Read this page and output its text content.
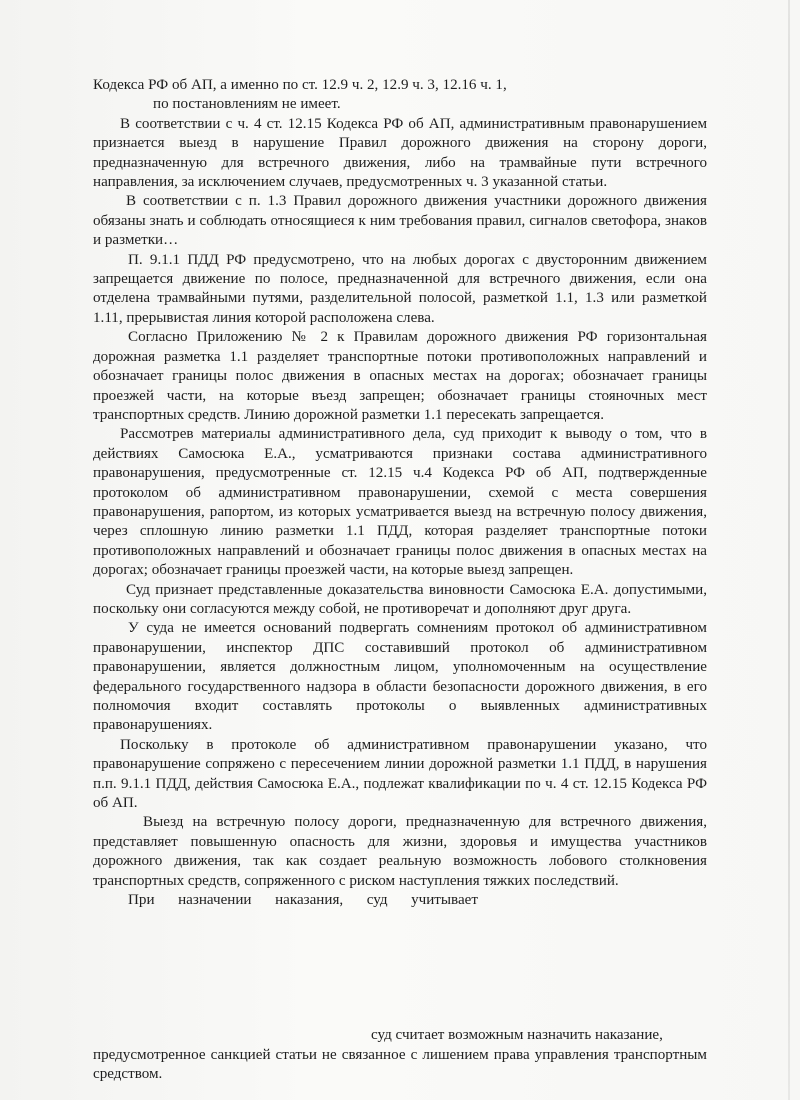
Кодекса РФ об АП, а именно по ст. 12.9 ч. 2, 12.9 ч. 3, 12.16 ч. 1,

по постановлениям не имеет.

В соответствии с ч. 4 ст. 12.15 Кодекса РФ об АП, административным правонарушением признается выезд в нарушение Правил дорожного движения на сторону дороги, предназначенную для встречного движения, либо на трамвайные пути встречного направления, за исключением случаев, предусмотренных ч. 3 указанной статьи.

В соответствии с п. 1.3 Правил дорожного движения участники дорожного движения обязаны знать и соблюдать относящиеся к ним требования правил, сигналов светофора, знаков и разметки…

П. 9.1.1 ПДД РФ предусмотрено, что на любых дорогах с двусторонним движением запрещается движение по полосе, предназначенной для встречного движения, если она отделена трамвайными путями, разделительной полосой, разметкой 1.1, 1.3 или разметкой 1.11, прерывистая линия которой расположена слева.

Согласно Приложению № 2 к Правилам дорожного движения РФ горизонтальная дорожная разметка 1.1 разделяет транспортные потоки противоположных направлений и обозначает границы полос движения в опасных местах на дорогах; обозначает границы проезжей части, на которые въезд запрещен; обозначает границы стояночных мест транспортных средств. Линию дорожной разметки 1.1 пересекать запрещается.

Рассмотрев материалы административного дела, суд приходит к выводу о том, что в действиях Самосюка Е.А., усматриваются признаки состава административного правонарушения, предусмотренные ст. 12.15 ч.4 Кодекса РФ об АП, подтвержденные протоколом об административном правонарушении, схемой с места совершения правонарушения, рапортом, из которых усматривается выезд на встречную полосу движения, через сплошную линию разметки 1.1 ПДД, которая разделяет транспортные потоки противоположных направлений и обозначает границы полос движения в опасных местах на дорогах; обозначает границы проезжей части, на которые выезд запрещен.

Суд признает представленные доказательства виновности Самосюка Е.А. допустимыми, поскольку они согласуются между собой, не противоречат и дополняют друг друга.

У суда не имеется оснований подвергать сомнениям протокол об административном правонарушении, инспектор ДПС составивший протокол об административном правонарушении, является должностным лицом, уполномоченным на осуществление федерального государственного надзора в области безопасности дорожного движения, в его полномочия входит составлять протоколы о выявленных административных правонарушениях.

Поскольку в протоколе об административном правонарушении указано, что правонарушение сопряжено с пересечением линии дорожной разметки 1.1 ПДД, в нарушения п.п. 9.1.1 ПДД, действия Самосюка Е.А., подлежат квалификации по ч. 4 ст. 12.15 Кодекса РФ об АП.

Выезд на встречную полосу дороги, предназначенную для встречного движения, представляет повышенную опасность для жизни, здоровья и имущества участников дорожного движения, так как создает реальную возможность лобового столкновения транспортных средств, сопряженного с риском наступления тяжких последствий.

При назначении наказания, суд учитывает

суд считает возможным назначить наказание,

предусмотренное санкцией статьи не связанное с лишением права управления транспортным средством.
